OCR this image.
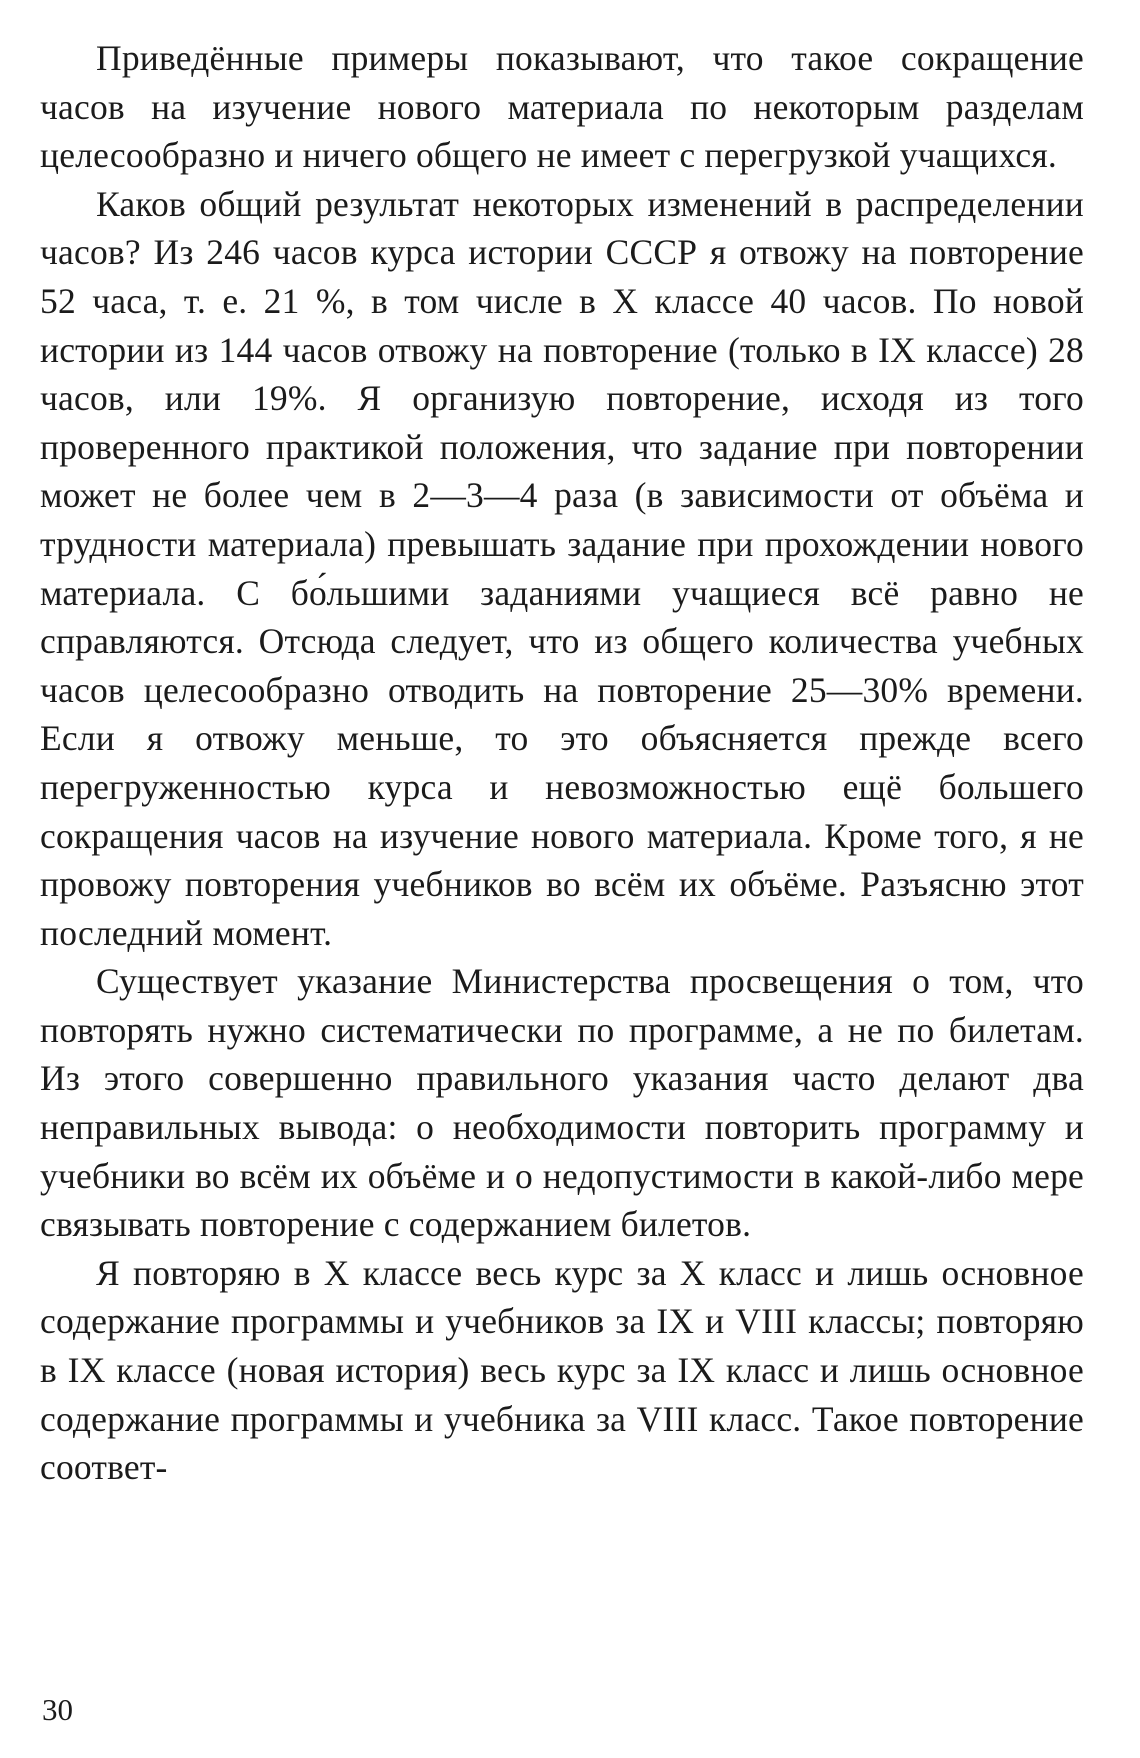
Приведённые примеры показывают, что такое сокращение часов на изучение нового материала по некоторым разделам целесообразно и ничего общего не имеет с перегрузкой учащихся.

Каков общий результат некоторых изменений в распределении часов? Из 246 часов курса истории СССР я отвожу на повторение 52 часа, т. е. 21 %, в том числе в X классе 40 часов. По новой истории из 144 часов отвожу на повторение (только в IX классе) 28 часов, или 19%. Я организую повторение, исходя из того проверенного практикой положения, что задание при повторении может не более чем в 2—3—4 раза (в зависимости от объёма и трудности материала) превышать задание при прохождении нового материала. С бо́льшими заданиями учащиеся всё равно не справляются. Отсюда следует, что из общего количества учебных часов целесообразно отводить на повторение 25—30% времени. Если я отвожу меньше, то это объясняется прежде всего перегруженностью курса и невозможностью ещё большего сокращения часов на изучение нового материала. Кроме того, я не провожу повторения учебников во всём их объёме. Разъясню этот последний момент.

Существует указание Министерства просвещения о том, что повторять нужно систематически по программе, а не по билетам. Из этого совершенно правильного указания часто делают два неправильных вывода: о необходимости повторить программу и учебники во всём их объёме и о недопустимости в какой-либо мере связывать повторение с содержанием билетов.

Я повторяю в X классе весь курс за X класс и лишь основное содержание программы и учебников за IX и VIII классы; повторяю в IX классе (новая история) весь курс за IX класс и лишь основное содержание программы и учебника за VIII класс. Такое повторение соответ-

30
